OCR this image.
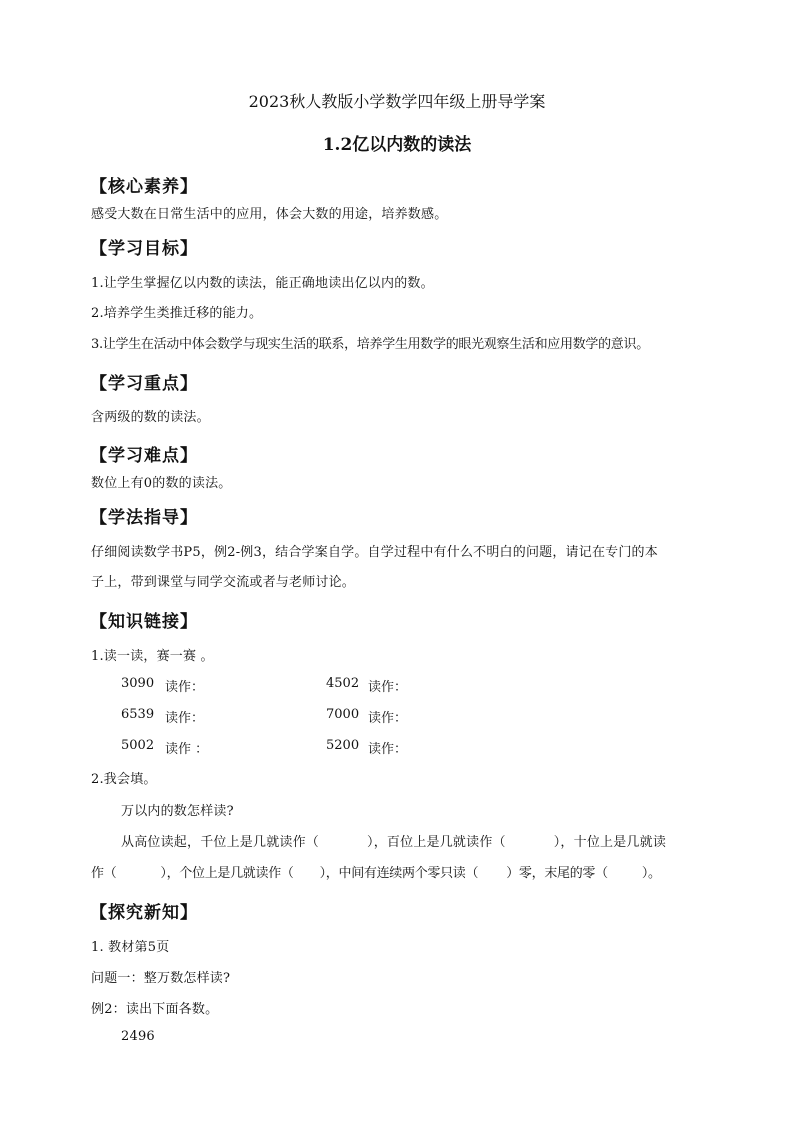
2023秋人教版小学数学四年级上册导学案
1.2亿以内数的读法
【核心素养】
感受大数在日常生活中的应用，体会大数的用途，培养数感。
【学习目标】
1.让学生掌握亿以内数的读法，能正确地读出亿以内的数。
2.培养学生类推迁移的能力。
3.让学生在活动中体会数学与现实生活的联系，培养学生用数学的眼光观察生活和应用数学的意识。
【学习重点】
含两级的数的读法。
【学习难点】
数位上有0的数的读法。
【学法指导】
仔细阅读数学书P5，例2-例3，结合学案自学。自学过程中有什么不明白的问题，请记在专门的本
子上，带到课堂与同学交流或者与老师讨论。
【知识链接】
1.读一读，赛一赛 。
3090 读作：	4502 读作：
6539 读作：	7000 读作：
5002 读作 ：	5200 读作：
2.我会填。
万以内的数怎样读?
从高位读起，千位上是几就读作（	），百位上是几就读作（	），十位上是几就读
作（	），个位上是几就读作（ ），中间有连续两个零只读（ ）零，末尾的零（	）。
【探究新知】
1. 教材第5页
问题一：整万数怎样读?
例2：读出下面各数。
2496
